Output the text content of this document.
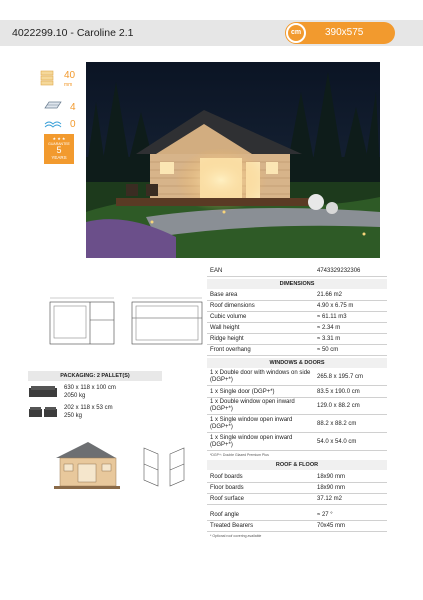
4022299.10 - Caroline 2.1	cm	390x575
40
mm
4
0
★ ★ ★
GUARANTEE
5
YEARS
EAN	4743329232306
DIMENSIONS
Base area	21.66 m2
Roof dimensions	4.90 x 6.75 m
Cubic volume	≈ 61.11 m3
Wall height	≈ 2.34 m
Ridge height	≈ 3.31 m
Front overhang	≈ 50 cm
WINDOWS & DOORS
1 x Double door with windows on side (DGP+*)	265.8 x 195.7 cm
1 x Single door (DGP+*)	83.5 x 190.0 cm
1 x Double window open inward (DGP+*)	129.0 x 88.2 cm
1 x Single window open inward (DGP+*)	88.2 x 88.2 cm
1 x Single window open inward (DGP+*)	54.0 x 54.0 cm
*DGP+: Double Glazed Premium Plus
ROOF & FLOOR
Roof boards	18x90 mm
Floor boards	18x90 mm
Roof surface	37.12 m2
Roof angle	≈ 27 °
Treated Bearers	70x45 mm
* Optional roof covering available
PACKAGING: 2 PALLET(S)
630 x 118 x 100 cm
2050 kg
202 x 118 x 53 cm
250 kg
